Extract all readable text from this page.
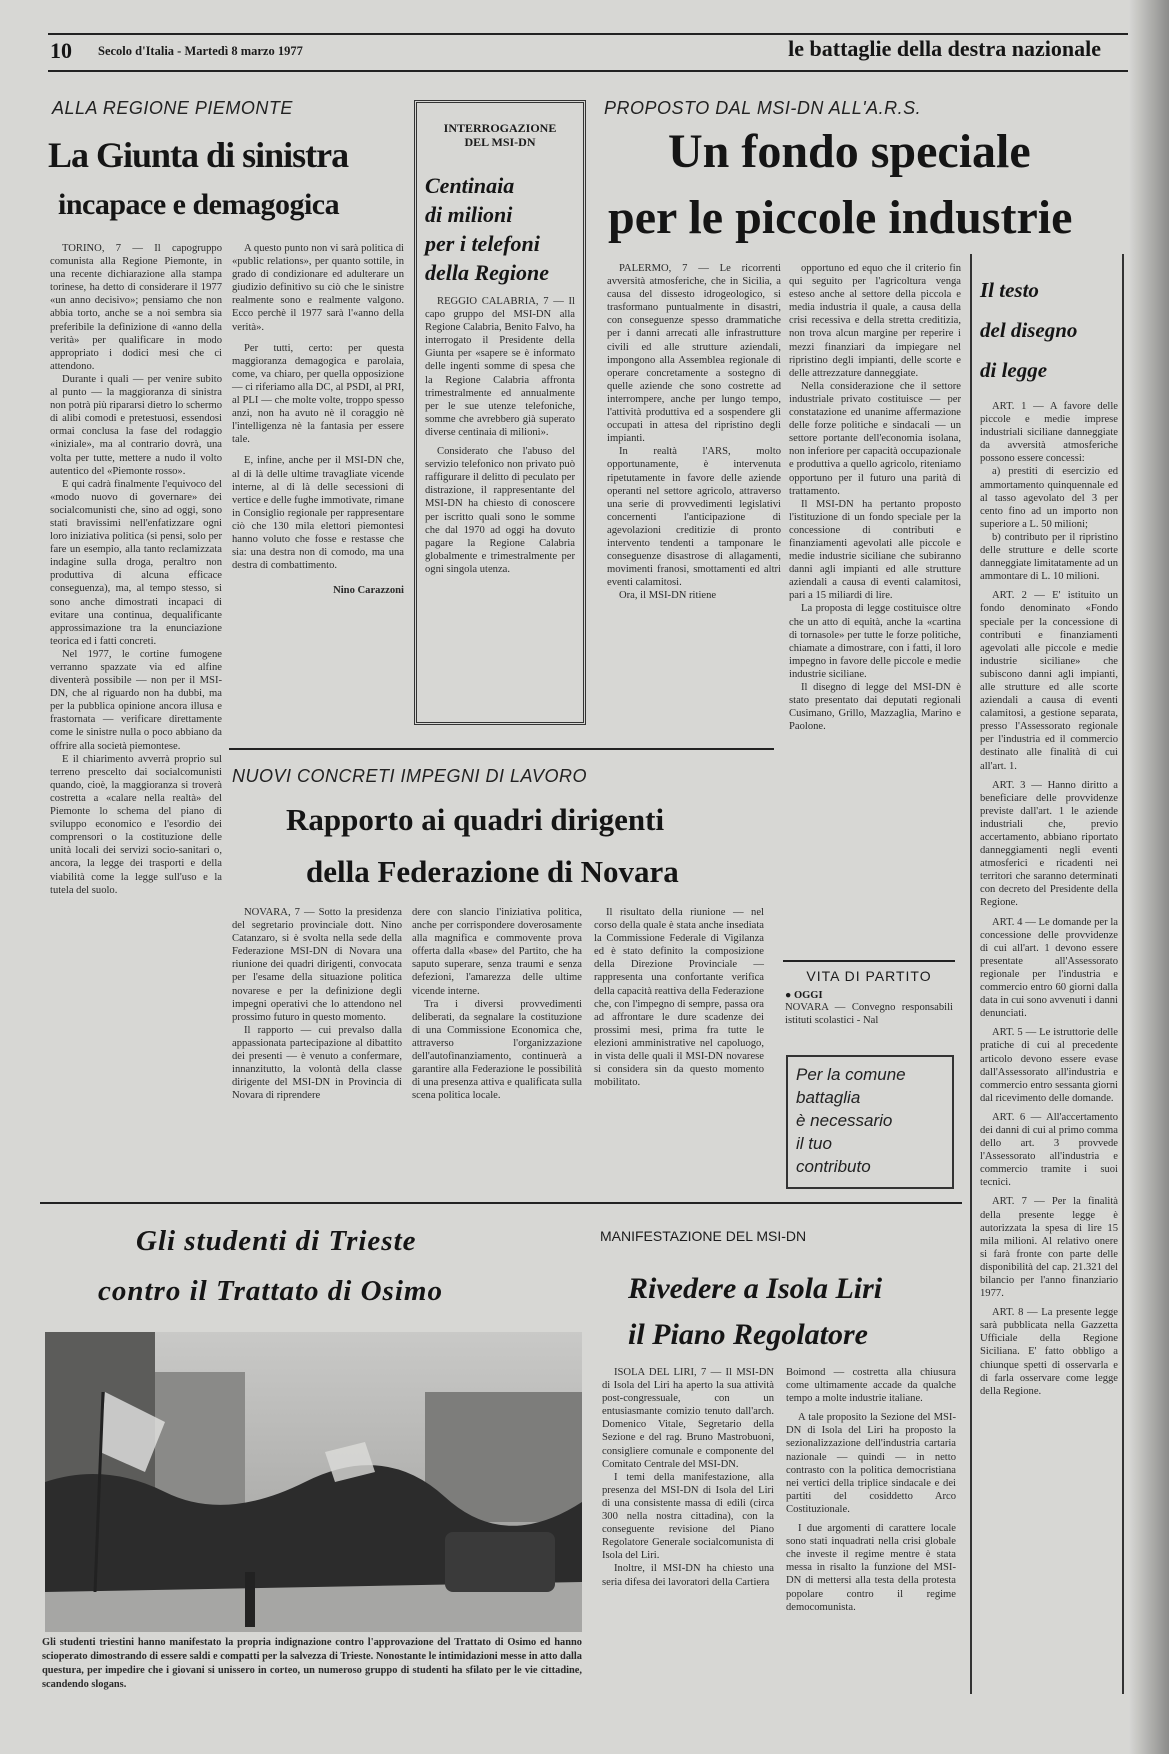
10 Secolo d'Italia - Martedì 8 marzo 1977	le battaglie della destra nazionale
ALLA REGIONE PIEMONTE
La Giunta di sinistra
incapace e demagogica

TORINO, 7 — Il capogruppo comunista alla Regione Piemonte, in una recente dichiarazione alla stampa torinese, ha detto di considerare il 1977 «un anno decisivo»; pensiamo che non abbia torto, anche se a noi sembra sia preferibile la definizione di «anno della verità» per qualificare in modo appropriato i dodici mesi che ci attendono.

Durante i quali — per venire subito al punto — la maggioranza di sinistra non potrà più ripararsi dietro lo schermo di alibi comodi e pretestuosi, essendosi ormai conclusa la fase del rodaggio «iniziale», ma al contrario dovrà, una volta per tutte, mettere a nudo il volto autentico del «Piemonte rosso».

E qui cadrà finalmente l'equivoco del «modo nuovo di governare» dei socialcomunisti che, sino ad oggi, sono stati bravissimi nell'enfatizzare ogni loro iniziativa politica (si pensi, solo per fare un esempio, alla tanto reclamizzata indagine sulla droga, peraltro non produttiva di alcuna efficace conseguenza), ma, al tempo stesso, si sono anche dimostrati incapaci di evitare una continua, dequalificante approssimazione tra la enunciazione teorica ed i fatti concreti.

Nel 1977, le cortine fumogene verranno spazzate via ed alfine diventerà possibile — non per il MSI-DN, che al riguardo non ha dubbi, ma per la pubblica opinione ancora illusa e frastornata — verificare direttamente come le sinistre nulla o poco abbiano da offrire alla società piemontese.

E il chiarimento avverrà proprio sul terreno prescelto dai socialcomunisti quando, cioè, la maggioranza si troverà costretta a «calare nella realtà» del Piemonte lo schema del piano di sviluppo economico e l'esordio dei comprensori o la costituzione delle unità locali dei servizi socio-sanitari o, ancora, la legge dei trasporti e della viabilità come la legge sull'uso e la tutela del suolo.

A questo punto non vi sarà politica di «public relations», per quanto sottile, in grado di condizionare ed adulterare un giudizio definitivo su ciò che le sinistre realmente sono e realmente valgono. Ecco perchè il 1977 sarà l'«anno della verità».

Per tutti, certo: per questa maggioranza demagogica e parolaia, come, va chiaro, per quella opposizione — ci riferiamo alla DC, al PSDI, al PRI, al PLI — che molte volte, troppo spesso anzi, non ha avuto nè il coraggio nè l'intelligenza nè la fantasia per essere tale.

E, infine, anche per il MSI-DN che, al di là delle ultime travagliate vicende interne, al di là delle secessioni di vertice e delle fughe immotivate, rimane in Consiglio regionale per rappresentare ciò che 130 mila elettori piemontesi hanno voluto che fosse e restasse che sia: una destra non di comodo, ma una destra di combattimento.

Nino Carazzoni
INTERROGAZIONE DEL MSI-DN
Centinaia
di milioni
per i telefoni
della Regione

REGGIO CALABRIA, 7 — Il capo gruppo del MSI-DN alla Regione Calabria, Benito Falvo, ha interrogato il Presidente della Giunta per «sapere se è informato delle ingenti somme di spesa che la Regione Calabria affronta trimestralmente ed annualmente per le sue utenze telefoniche, somme che avrebbero già superato diverse centinaia di milioni».

Considerato che l'abuso del servizio telefonico non privato può raffigurare il delitto di peculato per distrazione, il rappresentante del MSI-DN ha chiesto di conoscere per iscritto quali sono le somme che dal 1970 ad oggi ha dovuto pagare la Regione Calabria globalmente e trimestralmente per ogni singola utenza.

PROPOSTO DAL MSI-DN ALL'A.R.S.
Un fondo speciale
per le piccole industrie

PALERMO, 7 — Le ricorrenti avversità atmosferiche, che in Sicilia, a causa del dissesto idrogeologico, si trasformano puntualmente in disastri, con conseguenze spesso drammatiche per i danni arrecati alle infrastrutture civili ed alle strutture aziendali, impongono alla Assemblea regionale di operare concretamente a sostegno di quelle aziende che sono costrette ad interrompere, anche per lungo tempo, l'attività produttiva ed a sospendere gli occupati in attesa del ripristino degli impianti.

In realtà l'ARS, molto opportunamente, è intervenuta ripetutamente in favore delle aziende operanti nel settore agricolo, attraverso una serie di provvedimenti legislativi concernenti l'anticipazione di agevolazioni creditizie di pronto intervento tendenti a tamponare le conseguenze disastrose di allagamenti, movimenti franosi, smottamenti ed altri eventi calamitosi.

Ora, il MSI-DN ritiene

opportuno ed equo che il criterio fin qui seguito per l'agricoltura venga esteso anche al settore della piccola e media industria il quale, a causa della crisi recessiva e della stretta creditizia, non trova alcun margine per reperire i mezzi finanziari da impiegare nel ripristino degli impianti, delle scorte e delle attrezzature danneggiate.

Nella considerazione che il settore industriale privato costituisce — per constatazione ed unanime affermazione delle forze politiche e sindacali — un settore portante dell'economia isolana, non inferiore per capacità occupazionale e produttiva a quello agricolo, riteniamo opportuno per il futuro una parità di trattamento.

Il MSI-DN ha pertanto proposto l'istituzione di un fondo speciale per la concessione di contributi e finanziamenti agevolati alle piccole e medie industrie siciliane che subiranno danni agli impianti ed alle strutture aziendali a causa di eventi calamitosi, pari a 15 miliardi di lire.

La proposta di legge costituisce oltre che un atto di equità, anche la «cartina di tornasole» per tutte le forze politiche, chiamate a dimostrare, con i fatti, il loro impegno in favore delle piccole e medie industrie siciliane.

Il disegno di legge del MSI-DN è stato presentato dai deputati regionali Cusimano, Grillo, Mazzaglia, Marino e Paolone.

Il testo
del disegno
di legge

ART. 1 — A favore delle piccole e medie imprese industriali siciliane danneggiate da avversità atmosferiche possono essere concessi:

a) prestiti di esercizio ed ammortamento quinquennale ed al tasso agevolato del 3 per cento fino ad un importo non superiore a L. 50 milioni;

b) contributo per il ripristino delle strutture e delle scorte danneggiate limitatamente ad un ammontare di L. 10 milioni.

ART. 2 — E' istituito un fondo denominato «Fondo speciale per la concessione di contributi e finanziamenti agevolati alle piccole e medie industrie siciliane» che subiscono danni agli impianti, alle strutture ed alle scorte aziendali a causa di eventi calamitosi, a gestione separata, presso l'Assessorato regionale per l'industria ed il commercio destinato alle finalità di cui all'art. 1.

ART. 3 — Hanno diritto a beneficiare delle provvidenze previste dall'art. 1 le aziende industriali che, previo accertamento, abbiano riportato danneggiamenti negli eventi atmosferici e ricadenti nei territori che saranno determinati con decreto del Presidente della Regione.

ART. 4 — Le domande per la concessione delle provvidenze di cui all'art. 1 devono essere presentate all'Assessorato regionale per l'industria e commercio entro 60 giorni dalla data in cui sono avvenuti i danni denunciati.

ART. 5 — Le istruttorie delle pratiche di cui al precedente articolo devono essere evase dall'Assessorato all'industria e commercio entro sessanta giorni dal ricevimento delle domande.

ART. 6 — All'accertamento dei danni di cui al primo comma dello art. 3 provvede l'Assessorato all'industria e commercio tramite i suoi tecnici.

ART. 7 — Per la finalità della presente legge è autorizzata la spesa di lire 15 mila milioni. Al relativo onere si farà fronte con parte delle disponibilità del cap. 21.321 del bilancio per l'anno finanziario 1977.

ART. 8 — La presente legge sarà pubblicata nella Gazzetta Ufficiale della Regione Siciliana. E' fatto obbligo a chiunque spetti di osservarla e di farla osservare come legge della Regione.

NUOVI CONCRETI IMPEGNI DI LAVORO
Rapporto ai quadri dirigenti
della Federazione di Novara

NOVARA, 7 — Sotto la presidenza del segretario provinciale dott. Nino Catanzaro, si è svolta nella sede della Federazione MSI-DN di Novara una riunione dei quadri dirigenti, convocata per l'esame della situazione politica novarese e per la definizione degli impegni operativi che lo attendono nel prossimo futuro in questo momento.

Il rapporto — cui prevalso dalla appassionata partecipazione al dibattito dei presenti — è venuto a confermare, innanzitutto, la volontà della classe dirigente del MSI-DN in Provincia di Novara di riprendere

dere con slancio l'iniziativa politica, anche per corrispondere doverosamente alla magnifica e commovente prova offerta dalla «base» del Partito, che ha saputo superare, senza traumi e senza defezioni, l'amarezza delle ultime vicende interne.

Tra i diversi provvedimenti deliberati, da segnalare la costituzione di una Commissione Economica che, attraverso l'organizzazione dell'autofinanziamento, continuerà a garantire alla Federazione le possibilità di una presenza attiva e qualificata sulla scena politica locale.

Il risultato della riunione — nel corso della quale è stata anche insediata la Commissione Federale di Vigilanza ed è stato definito la composizione della Direzione Provinciale — rappresenta una confortante verifica della capacità reattiva della Federazione che, con l'impegno di sempre, passa ora ad affrontare le dure scadenze dei prossimi mesi, prima fra tutte le elezioni amministrative nel capoluogo, in vista delle quali il MSI-DN novarese si considera sin da questo momento mobilitato.

VITA DI PARTITO
● OGGI
NOVARA — Convegno responsabili istituti scolastici - Nal
Per la comune
battaglia
è necessario
il tuo
contributo
Gli studenti di Trieste
contro il Trattato di Osimo
Gli studenti triestini hanno manifestato la propria indignazione contro l'approvazione del Trattato di Osimo ed hanno scioperato dimostrando di essere saldi e compatti per la salvezza di Trieste. Nonostante le intimidazioni messe in atto dalla questura, per impedire che i giovani si unissero in corteo, un numeroso gruppo di studenti ha sfilato per le vie cittadine, scandendo slogans.
MANIFESTAZIONE DEL MSI-DN
Rivedere a Isola Liri
il Piano Regolatore

ISOLA DEL LIRI, 7 — Il MSI-DN di Isola del Liri ha aperto la sua attività post-congressuale, con un entusiasmante comizio tenuto dall'arch. Domenico Vitale, Segretario della Sezione e del rag. Bruno Mastrobuoni, consigliere comunale e componente del Comitato Centrale del MSI-DN.

I temi della manifestazione, alla presenza del MSI-DN di Isola del Liri di una consistente massa di edili (circa 300 nella nostra cittadina), con la conseguente revisione del Piano Regolatore Generale socialcomunista di Isola del Liri.

Inoltre, il MSI-DN ha chiesto una seria difesa dei lavoratori della Cartiera

Boimond — costretta alla chiusura come ultimamente accade da qualche tempo a molte industrie italiane.

A tale proposito la Sezione del MSI-DN di Isola del Liri ha proposto la sezionalizzazione dell'industria cartaria nazionale — quindi — in netto contrasto con la politica democristiana nei vertici della triplice sindacale e dei partiti del cosiddetto Arco Costituzionale.

I due argomenti di carattere locale sono stati inquadrati nella crisi globale che investe il regime mentre è stata messa in risalto la funzione del MSI-DN di mettersi alla testa della protesta popolare contro il regime democomunista.
